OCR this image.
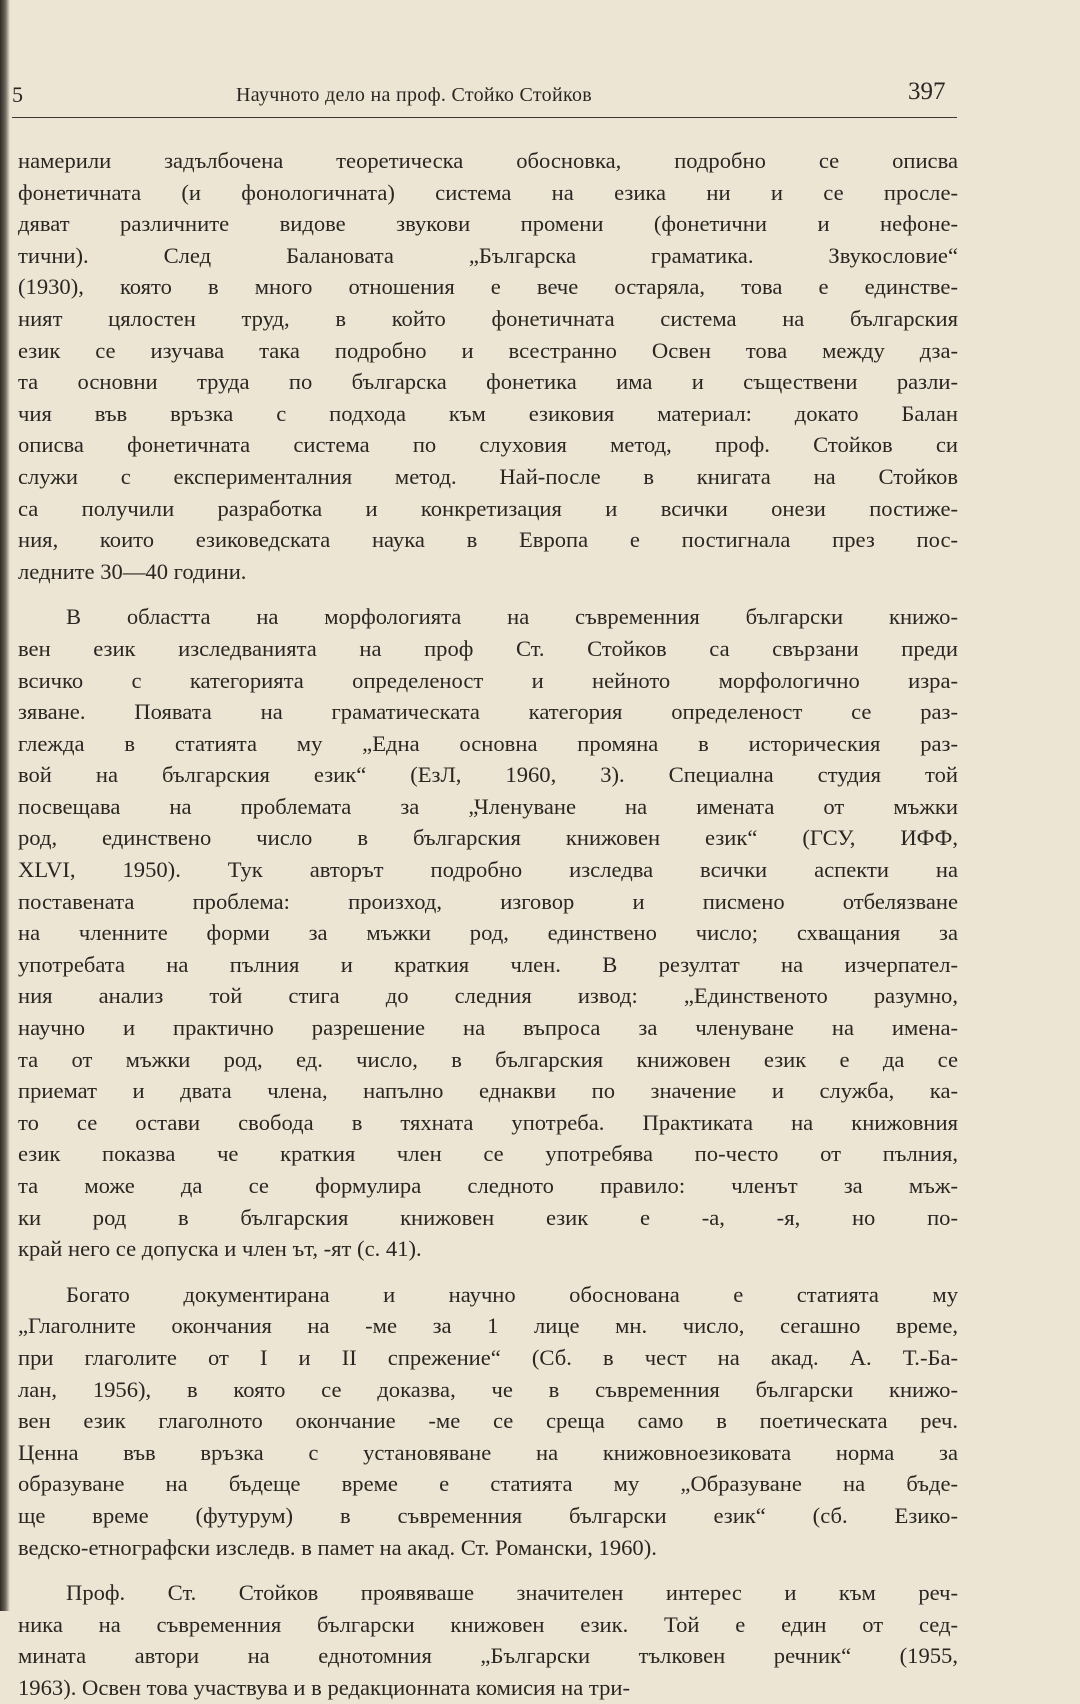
5	Научното дело на проф. Стойко Стойков	397
намерили задълбочена теоретическа обосновка, подробно се описва
фонетичната (и фонологичната) система на езика ни и се просле-
дяват различните видове звукови промени (фонетични и нефоне-
тични). След Балановата „Българска граматика. Звукословие“
(1930), която в много отношения е вече остаряла, това е единстве-
ният цялостен труд, в който фонетичната система на българския
език се изучава така подробно и всестранно Освен това между дза-
та основни труда по българска фонетика има и съществени разли-
чия във връзка с подхода към езиковия материал: докато Балан
описва фонетичната система по слуховия метод, проф. Стойков си
служи с експерименталния метод. Най-после в книгата на Стойков
са получили разработка и конкретизация и всички онези постиже-
ния, които езиковедската наука в Европа е постигнала през пос-
ледните 30—40 години.
В областта на морфологията на съвременния български книжо-
вен език изследванията на проф Ст. Стойков са свързани преди
всичко с категорията определеност и нейното морфологично изра-
зяване. Появата на граматическата категория определеност се раз-
глежда в статията му „Една основна промяна в историческия раз-
вой на българския език“ (ЕзЛ, 1960, 3). Специална студия той
посвещава на проблемата за „Членуване на имената от мъжки
род, единствено число в българския книжовен език“ (ГСУ, ИФФ,
XLVI, 1950). Тук авторът подробно изследва всички аспекти на
поставената проблема: произход, изговор и писмено отбелязване
на членните форми за мъжки род, единствено число; схващания за
употребата на пълния и краткия член. В резултат на изчерпател-
ния анализ той стига до следния извод: „Единственото разумно,
научно и практично разрешение на въпроса за членуване на имена-
та от мъжки род, ед. число, в българския книжовен език е да се
приемат и двата члена, напълно еднакви по значение и служба, ка-
то се остави свобода в тяхната употреба. Практиката на книжовния
език показва че краткия член се употребява по-често от пълния,
та може да се формулира следното правило: членът за мъж-
ки род в българския книжовен език е -а, -я, но по-
край него се допуска и член ът, -ят (с. 41).
Богато документирана и научно обоснована е статията му
„Глаголните окончания на -ме за 1 лице мн. число, сегашно време,
при глаголите от I и II спрежение“ (Сб. в чест на акад. А. Т.-Ба-
лан, 1956), в която се доказва, че в съвременния български книжо-
вен език глаголното окончание -ме се среща само в поетическата реч.
Ценна във връзка с установяване на книжовноезиковата норма за
образуване на бъдеще време е статията му „Образуване на бъде-
ще време (футурум) в съвременния български език“ (сб. Езико-
ведско-етнографски изследв. в памет на акад. Ст. Романски, 1960).
Проф. Ст. Стойков проявяваше значителен интерес и към реч-
ника на съвременния български книжовен език. Той е един от сед-
мината автори на еднотомния „Български тълковен речник“ (1955,
1963). Освен това участвува и в редакционната комисия на три-
